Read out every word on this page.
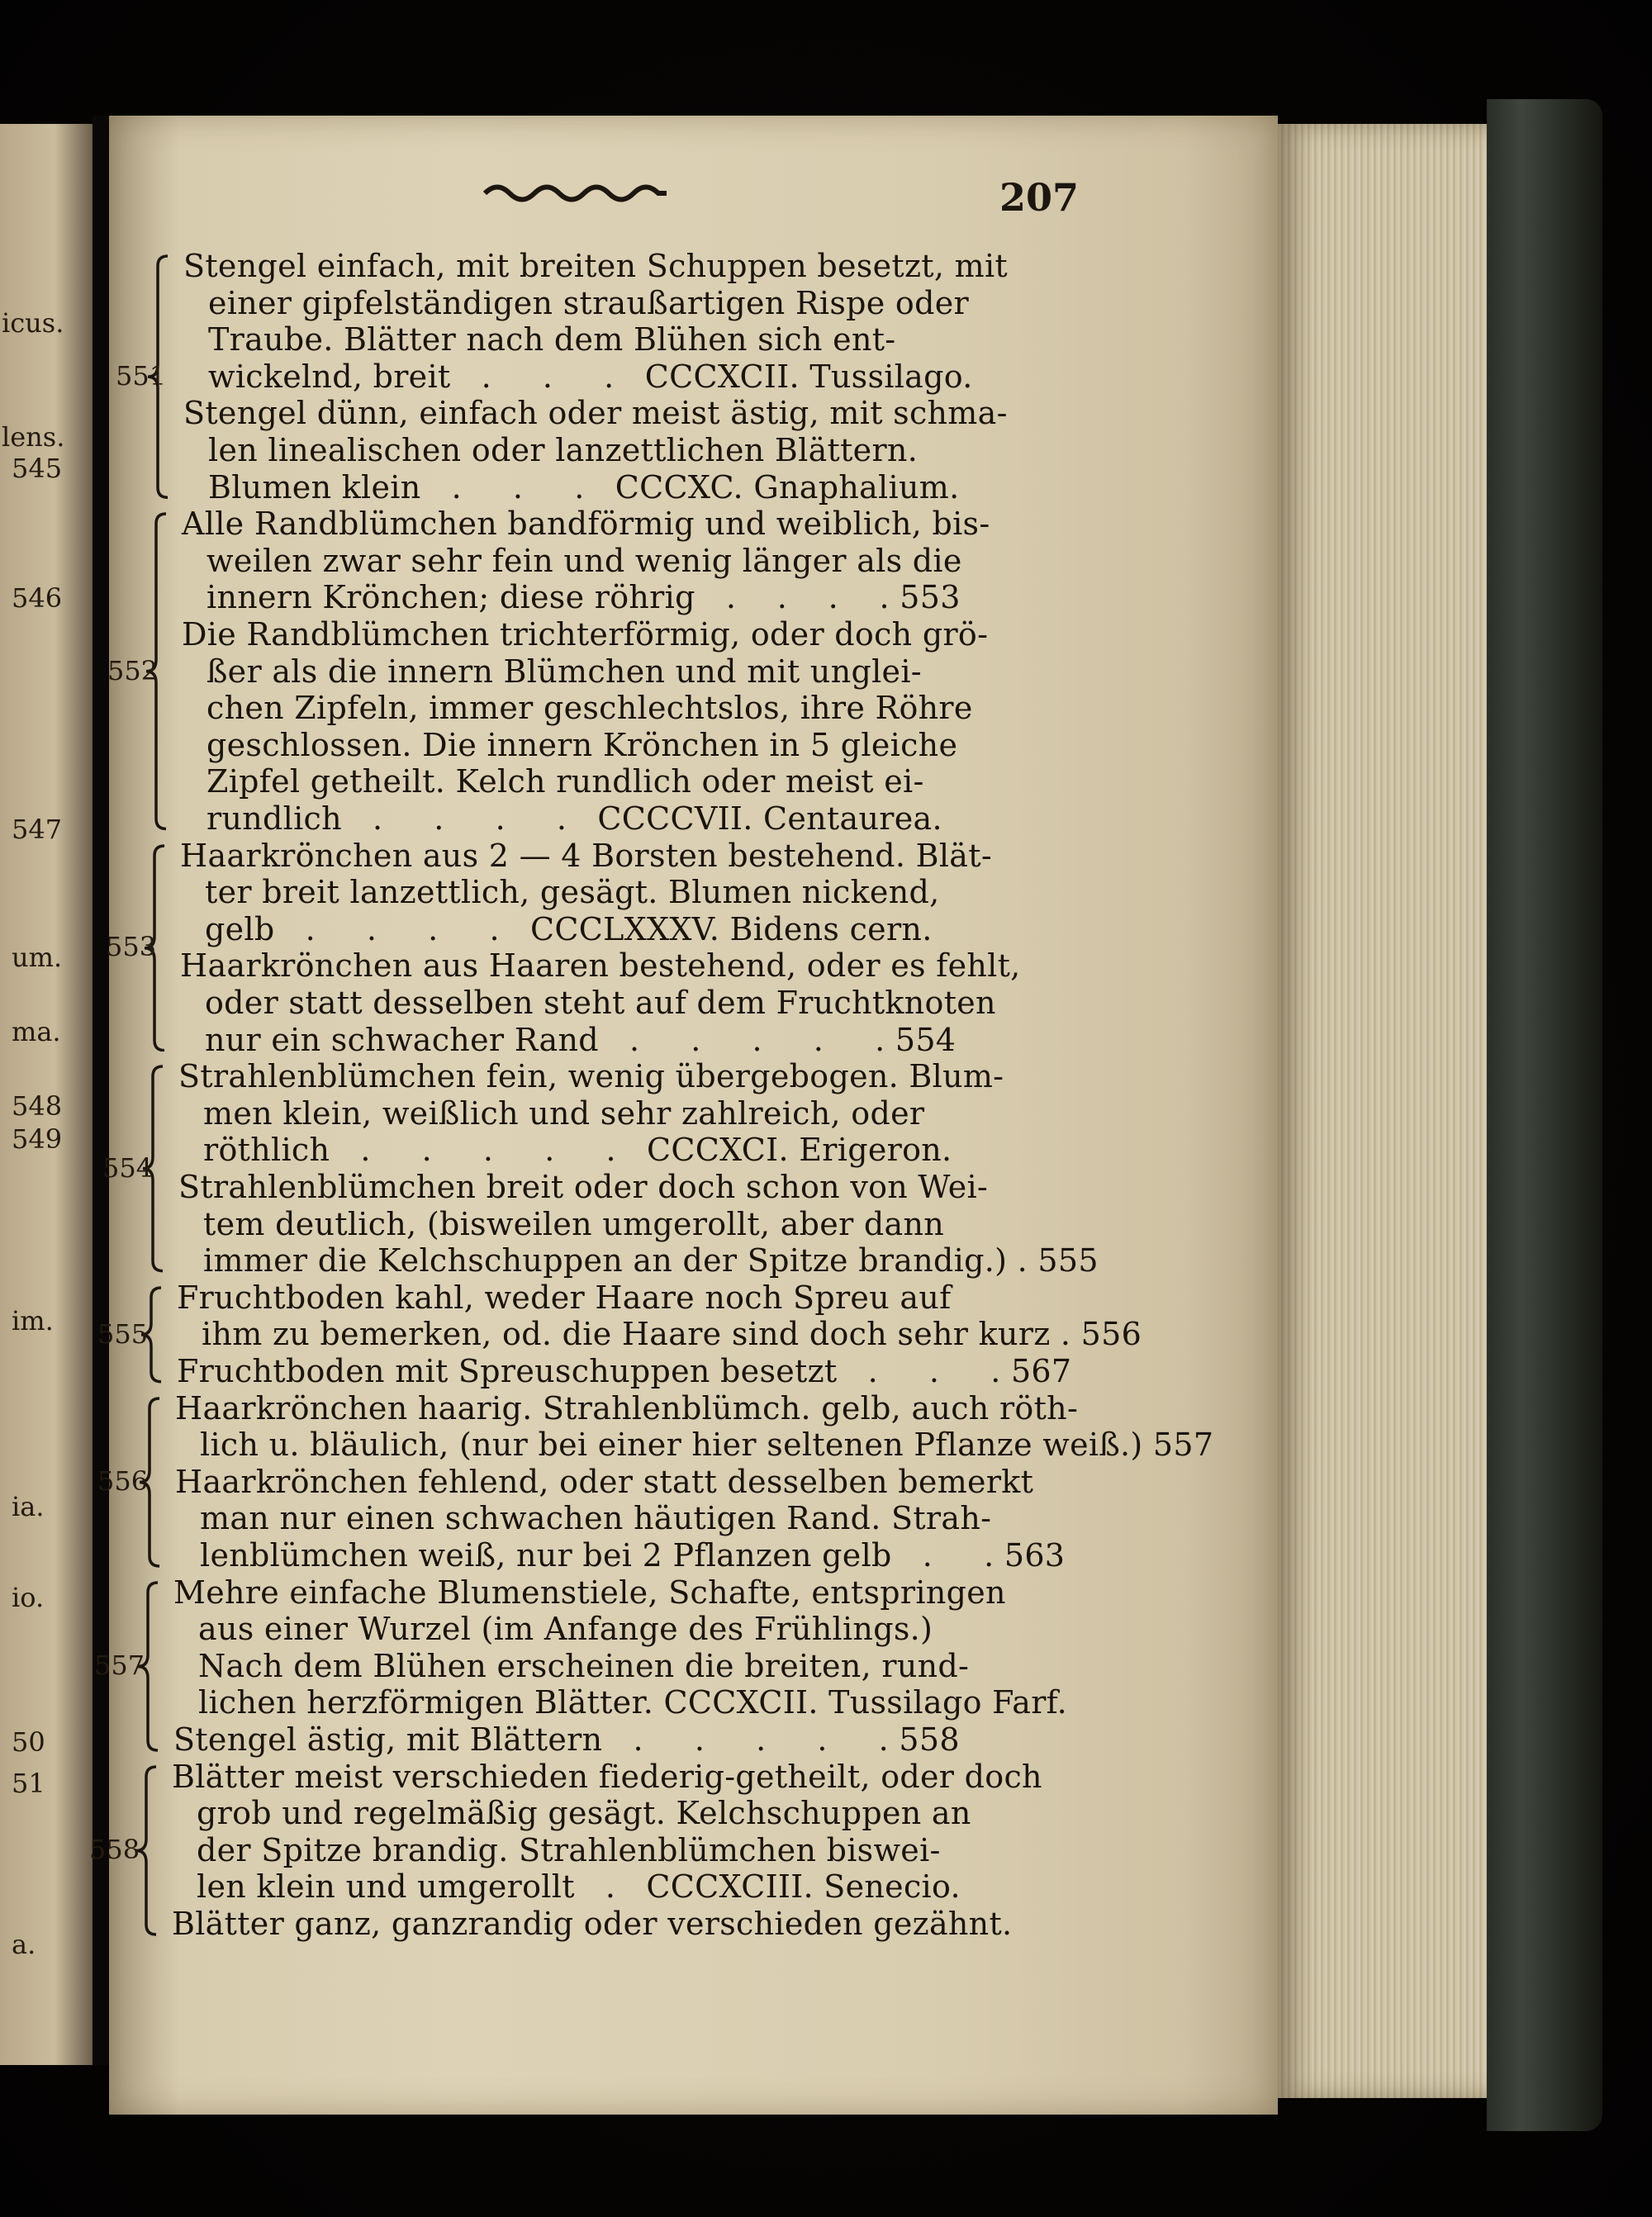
icus.
lens.
545
546
547
um.
ma.
548
549
im.
ia.
io.
50
51
a.
207
Stengel einfach, mit breiten Schuppen besetzt, mit
einer gipfelständigen straußartigen Rispe oder
Traube. Blätter nach dem Blühen sich ent-
wickelnd, breit   .     .     .   CCCXCII. Tussilago.
Stengel dünn, einfach oder meist ästig, mit schma-
len linealischen oder lanzettlichen Blättern.
Blumen klein   .     .     .   CCCXC. Gnaphalium.
551
Alle Randblümchen bandförmig und weiblich, bis-
weilen zwar sehr fein und wenig länger als die
innern Krönchen; diese röhrig   .    .    .    . 553
Die Randblümchen trichterförmig, oder doch grö-
ßer als die innern Blümchen und mit unglei-
chen Zipfeln, immer geschlechtslos, ihre Röhre
geschlossen. Die innern Krönchen in 5 gleiche
Zipfel getheilt. Kelch rundlich oder meist ei-
rundlich   .     .     .     .   CCCCVII. Centaurea.
552
Haarkrönchen aus 2 — 4 Borsten bestehend. Blät-
ter breit lanzettlich, gesägt. Blumen nickend,
gelb   .     .     .     .   CCCLXXXV. Bidens cern.
Haarkrönchen aus Haaren bestehend, oder es fehlt,
oder statt desselben steht auf dem Fruchtknoten
nur ein schwacher Rand   .     .     .     .     . 554
553
Strahlenblümchen fein, wenig übergebogen. Blum-
men klein, weißlich und sehr zahlreich, oder
röthlich   .     .     .     .     .   CCCXCI. Erigeron.
Strahlenblümchen breit oder doch schon von Wei-
tem deutlich, (bisweilen umgerollt, aber dann
immer die Kelchschuppen an der Spitze brandig.) . 555
554
Fruchtboden kahl, weder Haare noch Spreu auf
ihm zu bemerken, od. die Haare sind doch sehr kurz . 556
Fruchtboden mit Spreuschuppen besetzt   .     .     . 567
555
Haarkrönchen haarig. Strahlenblümch. gelb, auch röth-
lich u. bläulich, (nur bei einer hier seltenen Pflanze weiß.) 557
Haarkrönchen fehlend, oder statt desselben bemerkt
man nur einen schwachen häutigen Rand. Strah-
lenblümchen weiß, nur bei 2 Pflanzen gelb   .     . 563
556
Mehre einfache Blumenstiele, Schafte, entspringen
aus einer Wurzel (im Anfange des Frühlings.)
Nach dem Blühen erscheinen die breiten, rund-
lichen herzförmigen Blätter. CCCXCII. Tussilago Farf.
Stengel ästig, mit Blättern   .     .     .     .     . 558
557
Blätter meist verschieden fiederig-getheilt, oder doch
grob und regelmäßig gesägt. Kelchschuppen an
der Spitze brandig. Strahlenblümchen biswei-
len klein und umgerollt   .   CCCXCIII. Senecio.
Blätter ganz, ganzrandig oder verschieden gezähnt.
558
